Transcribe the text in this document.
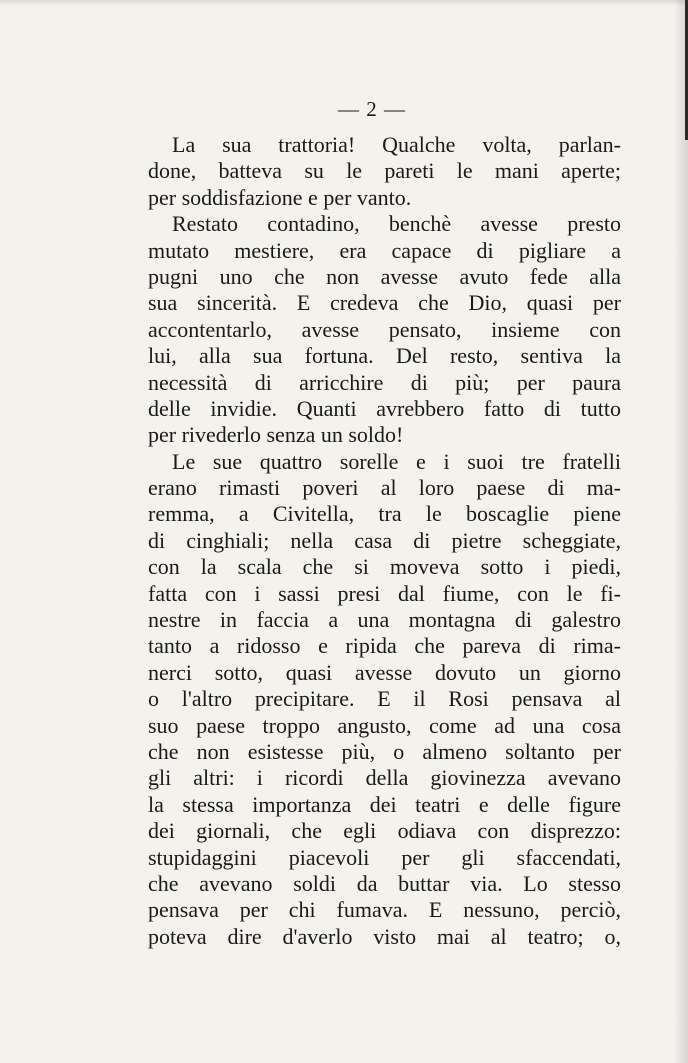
— 2 —
La sua trattoria! Qualche volta, parlan-
done, batteva su le pareti le mani aperte;
per soddisfazione e per vanto.
Restato contadino, benchè avesse presto
mutato mestiere, era capace di pigliare a
pugni uno che non avesse avuto fede alla
sua sincerità. E credeva che Dio, quasi per
accontentarlo, avesse pensato, insieme con
lui, alla sua fortuna. Del resto, sentiva la
necessità di arricchire di più; per paura
delle invidie. Quanti avrebbero fatto di tutto
per rivederlo senza un soldo!
Le sue quattro sorelle e i suoi tre fratelli
erano rimasti poveri al loro paese di ma-
remma, a Civitella, tra le boscaglie piene
di cinghiali; nella casa di pietre scheggiate,
con la scala che si moveva sotto i piedi,
fatta con i sassi presi dal fiume, con le fi-
nestre in faccia a una montagna di galestro
tanto a ridosso e ripida che pareva di rima-
nerci sotto, quasi avesse dovuto un giorno
o l'altro precipitare. E il Rosi pensava al
suo paese troppo angusto, come ad una cosa
che non esistesse più, o almeno soltanto per
gli altri: i ricordi della giovinezza avevano
la stessa importanza dei teatri e delle figure
dei giornali, che egli odiava con disprezzo:
stupidaggini piacevoli per gli sfaccendati,
che avevano soldi da buttar via. Lo stesso
pensava per chi fumava. E nessuno, perciò,
poteva dire d'averlo visto mai al teatro; o,
